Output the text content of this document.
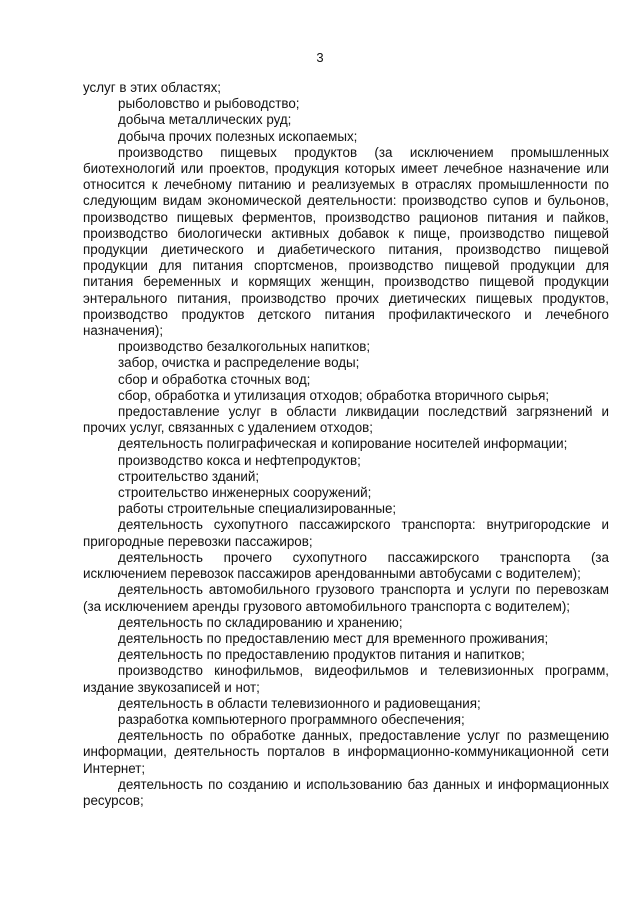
3

услуг в этих областях;

рыболовство и рыбоводство;

добыча металлических руд;

добыча прочих полезных ископаемых;

производство пищевых продуктов (за исключением промышленных биотехнологий или проектов, продукция которых имеет лечебное назначение или относится к лечебному питанию и реализуемых в отраслях промышленности по следующим видам экономической деятельности: производство супов и бульонов, производство пищевых ферментов, производство рационов питания и пайков, производство биологически активных добавок к пище, производство пищевой продукции диетического и диабетического питания, производство пищевой продукции для питания спортсменов, производство пищевой продукции для питания беременных и кормящих женщин, производство пищевой продукции энтерального питания, производство прочих диетических пищевых продуктов, производство продуктов детского питания профилактического и лечебного назначения);

производство безалкогольных напитков;

забор, очистка и распределение воды;

сбор и обработка сточных вод;

сбор, обработка и утилизация отходов; обработка вторичного сырья;

предоставление услуг в области ликвидации последствий загрязнений и прочих услуг, связанных с удалением отходов;

деятельность полиграфическая и копирование носителей информации;

производство кокса и нефтепродуктов;

строительство зданий;

строительство инженерных сооружений;

работы строительные специализированные;

деятельность сухопутного пассажирского транспорта: внутригородские и пригородные перевозки пассажиров;

деятельность прочего сухопутного пассажирского транспорта (за исключением перевозок пассажиров арендованными автобусами с водителем);

деятельность автомобильного грузового транспорта и услуги по перевозкам (за исключением аренды грузового автомобильного транспорта с водителем);

деятельность по складированию и хранению;

деятельность по предоставлению мест для временного проживания;

деятельность по предоставлению продуктов питания и напитков;

производство кинофильмов, видеофильмов и телевизионных программ, издание звукозаписей и нот;

деятельность в области телевизионного и радиовещания;

разработка компьютерного программного обеспечения;

деятельность по обработке данных, предоставление услуг по размещению информации, деятельность порталов в информационно-коммуникационной сети Интернет;

деятельность по созданию и использованию баз данных и информационных ресурсов;
